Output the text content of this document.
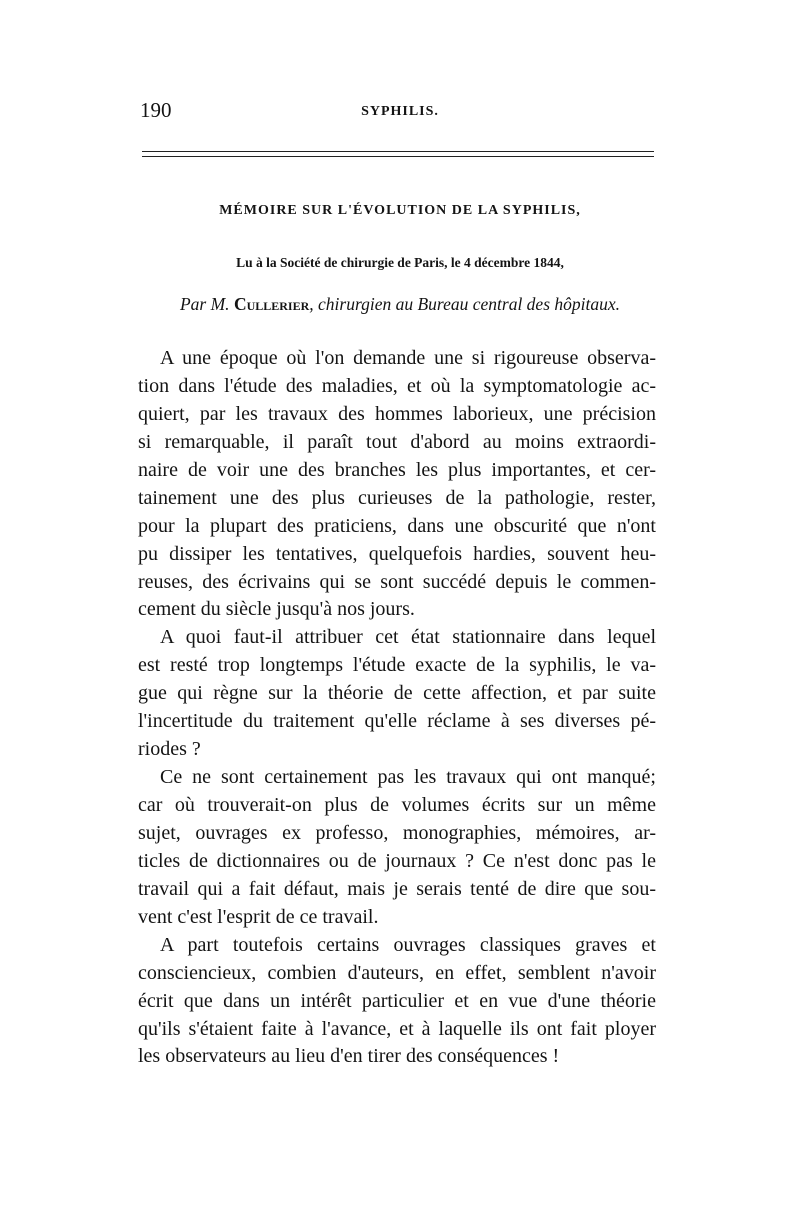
190	SYPHILIS.
MÉMOIRE SUR L'ÉVOLUTION DE LA SYPHILIS,
Lu à la Société de chirurgie de Paris, le 4 décembre 1844,
Par M. Cullerier, chirurgien au Bureau central des hôpitaux.
A une époque où l'on demande une si rigoureuse observa-
tion dans l'étude des maladies, et où la symptomatologie ac-
quiert, par les travaux des hommes laborieux, une précision
si remarquable, il paraît tout d'abord au moins extraordi-
naire de voir une des branches les plus importantes, et cer-
tainement une des plus curieuses de la pathologie, rester,
pour la plupart des praticiens, dans une obscurité que n'ont
pu dissiper les tentatives, quelquefois hardies, souvent heu-
reuses, des écrivains qui se sont succédé depuis le commen-
cement du siècle jusqu'à nos jours.
A quoi faut-il attribuer cet état stationnaire dans lequel
est resté trop longtemps l'étude exacte de la syphilis, le va-
gue qui règne sur la théorie de cette affection, et par suite
l'incertitude du traitement qu'elle réclame à ses diverses pé-
riodes ?
Ce ne sont certainement pas les travaux qui ont manqué;
car où trouverait-on plus de volumes écrits sur un même
sujet, ouvrages ex professo, monographies, mémoires, ar-
ticles de dictionnaires ou de journaux ? Ce n'est donc pas le
travail qui a fait défaut, mais je serais tenté de dire que sou-
vent c'est l'esprit de ce travail.
A part toutefois certains ouvrages classiques graves et
consciencieux, combien d'auteurs, en effet, semblent n'avoir
écrit que dans un intérêt particulier et en vue d'une théorie
qu'ils s'étaient faite à l'avance, et à laquelle ils ont fait ployer
les observateurs au lieu d'en tirer des conséquences !
